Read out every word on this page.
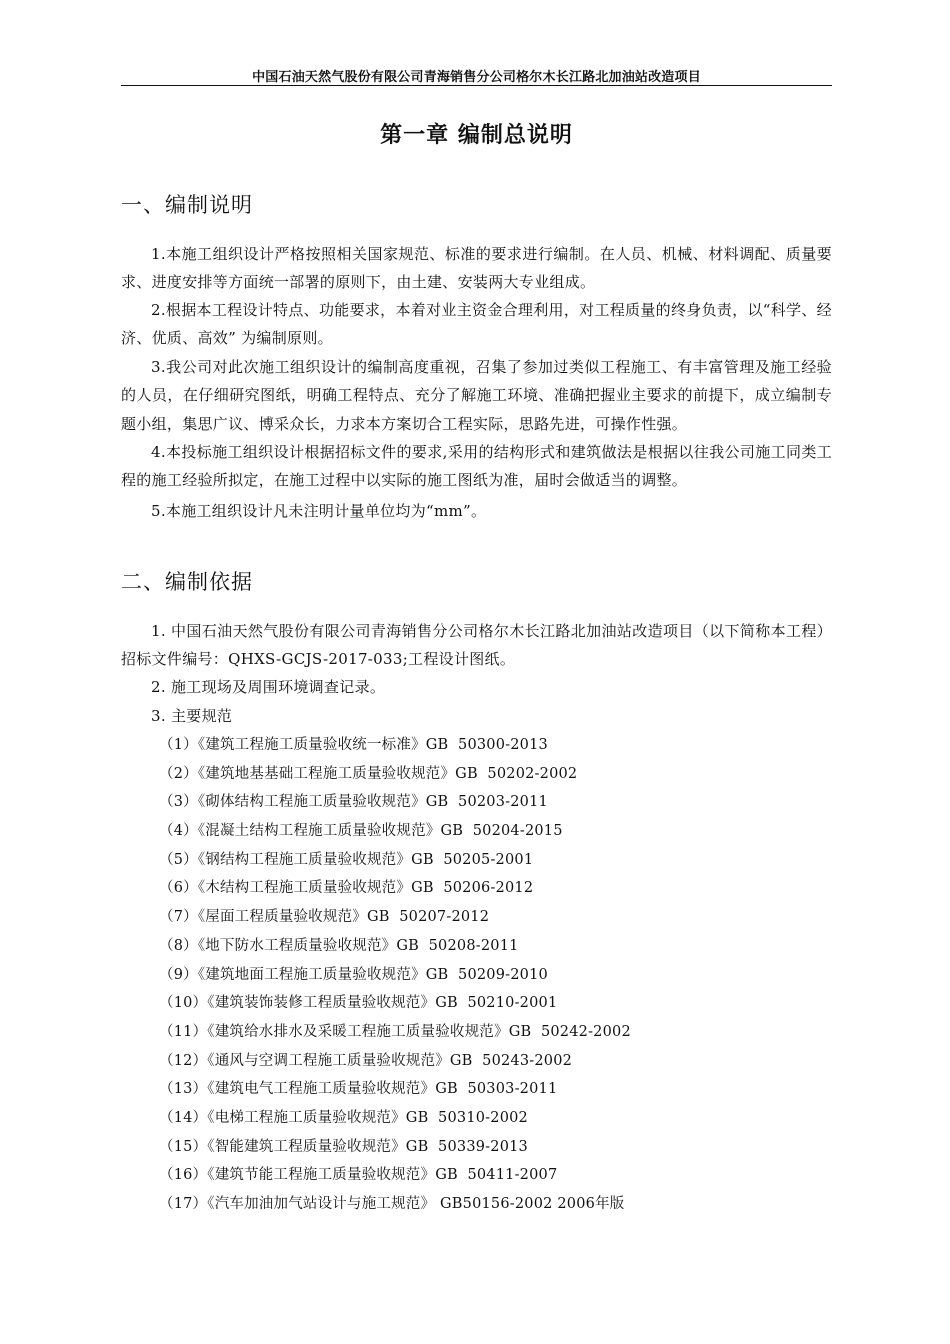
中国石油天然气股份有限公司青海销售分公司格尔木长江路北加油站改造项目
第一章 编制总说明
一、编制说明
1.本施工组织设计严格按照相关国家规范、标准的要求进行编制。在人员、机械、材料调配、质量要求、进度安排等方面统一部署的原则下，由土建、安装两大专业组成。
2.根据本工程设计特点、功能要求，本着对业主资金合理利用，对工程质量的终身负责，以“科学、经济、优质、高效” 为编制原则。
3.我公司对此次施工组织设计的编制高度重视，召集了参加过类似工程施工、有丰富管理及施工经验的人员，在仔细研究图纸，明确工程特点、充分了解施工环境、准确把握业主要求的前提下，成立编制专题小组，集思广议、博采众长，力求本方案切合工程实际，思路先进，可操作性强。
4.本投标施工组织设计根据招标文件的要求,采用的结构形式和建筑做法是根据以往我公司施工同类工程的施工经验所拟定，在施工过程中以实际的施工图纸为准，届时会做适当的调整。
5.本施工组织设计凡未注明计量单位均为“mm”。
二、编制依据
1. 中国石油天然气股份有限公司青海销售分公司格尔木长江路北加油站改造项目（以下简称本工程）招标文件编号：QHXS-GCJS-2017-033;工程设计图纸。
2. 施工现场及周围环境调查记录。
3. 主要规范
（1）《建筑工程施工质量验收统一标准》GB  50300-2013
（2）《建筑地基基础工程施工质量验收规范》GB  50202-2002
（3）《砌体结构工程施工质量验收规范》GB  50203-2011
（4）《混凝土结构工程施工质量验收规范》GB  50204-2015
（5）《钢结构工程施工质量验收规范》GB  50205-2001
（6）《木结构工程施工质量验收规范》GB  50206-2012
（7）《屋面工程质量验收规范》GB  50207-2012
（8）《地下防水工程质量验收规范》GB  50208-2011
（9）《建筑地面工程施工质量验收规范》GB  50209-2010
（10）《建筑装饰装修工程质量验收规范》GB  50210-2001
（11）《建筑给水排水及采暖工程施工质量验收规范》GB  50242-2002
（12）《通风与空调工程施工质量验收规范》GB  50243-2002
（13）《建筑电气工程施工质量验收规范》GB  50303-2011
（14）《电梯工程施工质量验收规范》GB  50310-2002
（15）《智能建筑工程质量验收规范》GB  50339-2013
（16）《建筑节能工程施工质量验收规范》GB  50411-2007
（17）《汽车加油加气站设计与施工规范》 GB50156-2002 2006年版
